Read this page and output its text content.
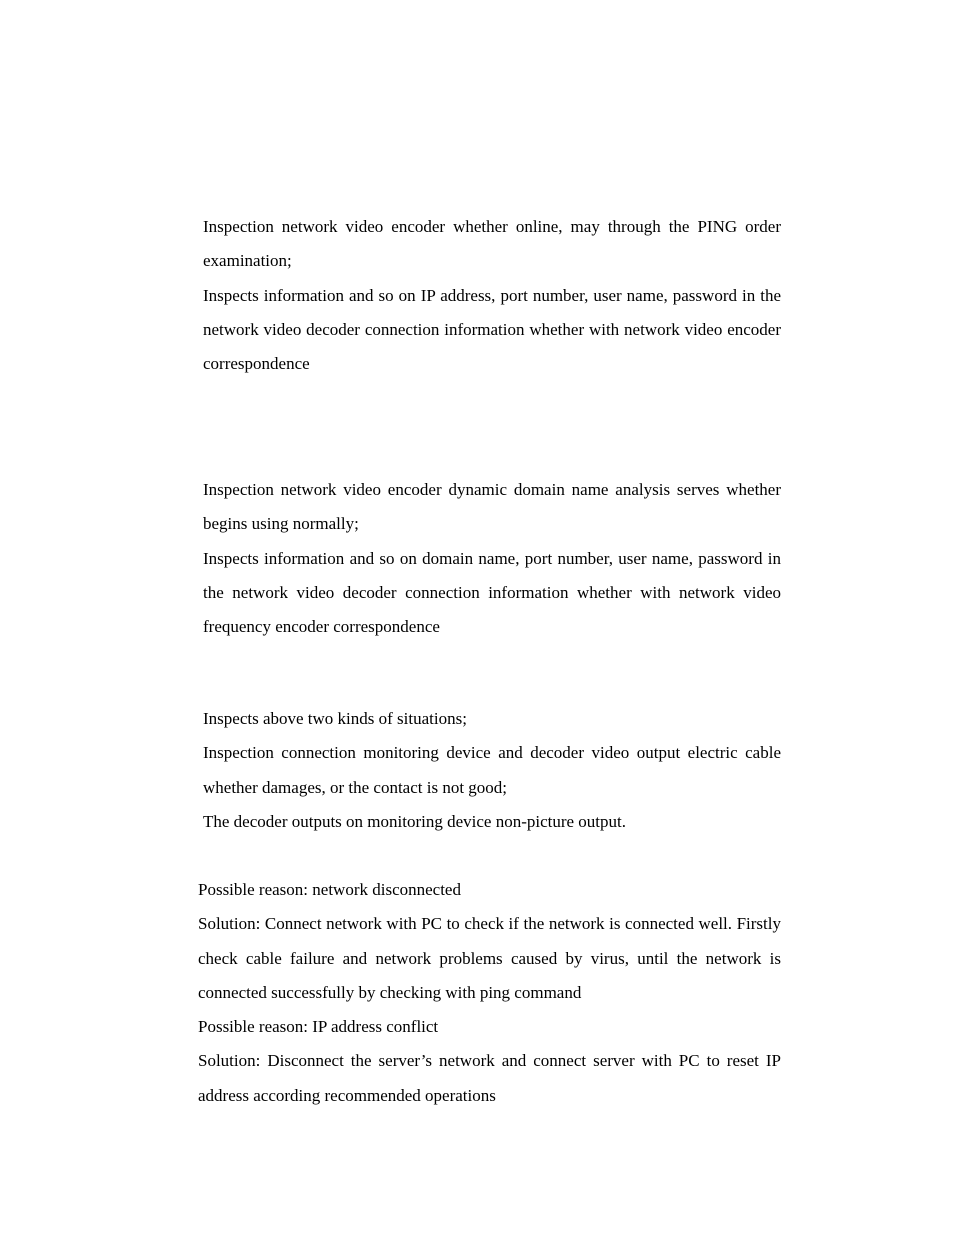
Inspection network video encoder whether online, may through the PING order examination;

Inspects information and so on IP address, port number, user name, password in the network video decoder connection information whether with network video encoder correspondence

Inspection network video encoder dynamic domain name analysis serves whether begins using normally;

Inspects information and so on domain name, port number, user name, password in the network video decoder connection information whether with network video frequency encoder correspondence

Inspects above two kinds of situations;

Inspection connection monitoring device and decoder video output electric cable whether damages, or the contact is not good;

The decoder outputs on monitoring device non-picture output.

Possible reason: network disconnected

Solution: Connect network with PC to check if the network is connected well. Firstly check cable failure and network problems caused by virus, until the network is connected successfully by checking with ping command

Possible reason: IP address conflict

Solution: Disconnect the server’s network and connect server with PC to reset IP address according recommended operations
